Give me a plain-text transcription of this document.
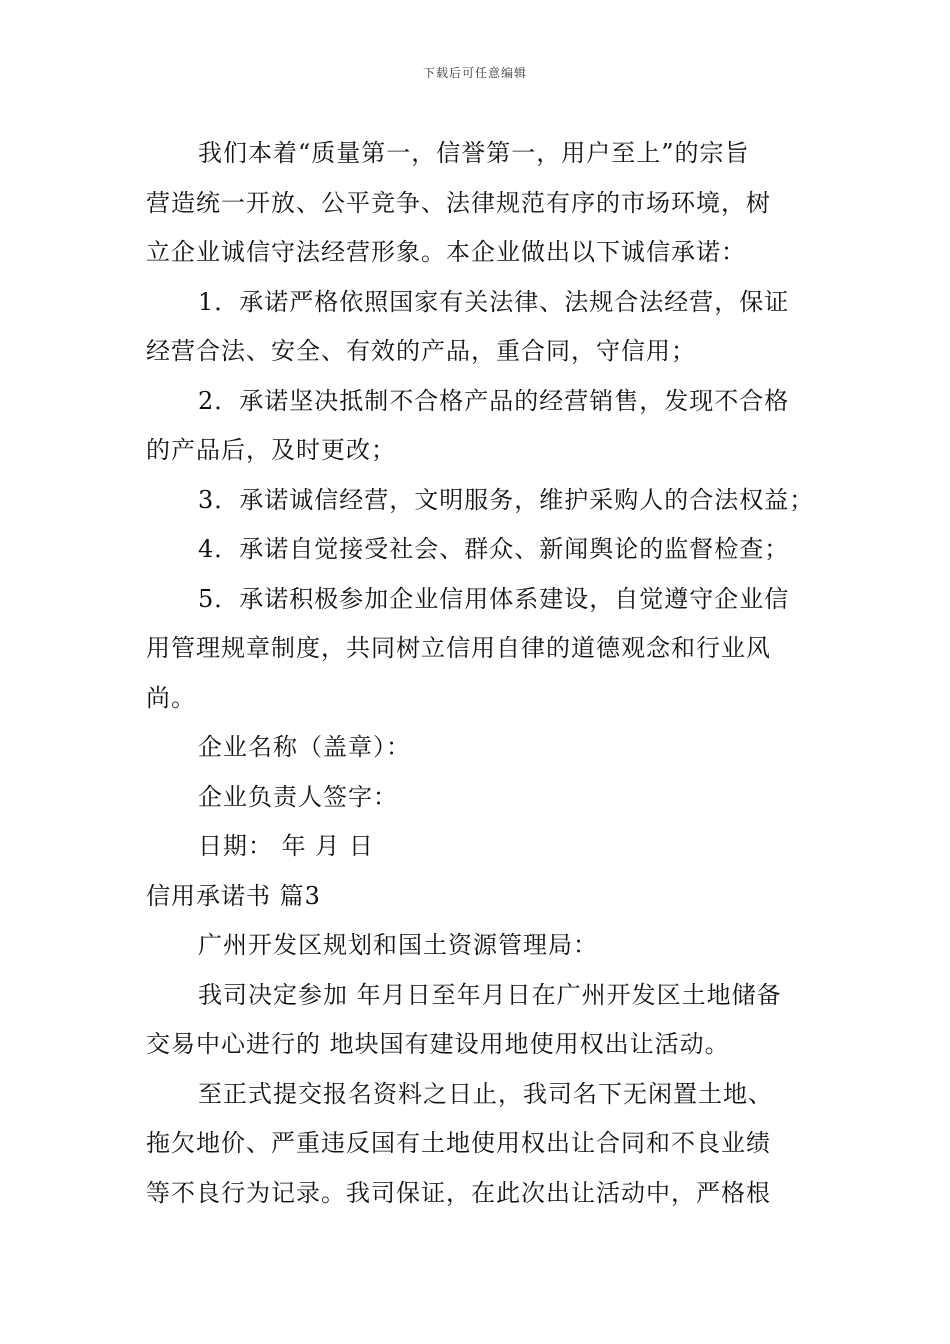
下载后可任意编辑

我们本着“质量第一，信誉第一，用户至上”的宗旨

营造统一开放、公平竞争、法律规范有序的市场环境，树

立企业诚信守法经营形象。本企业做出以下诚信承诺：

1．承诺严格依照国家有关法律、法规合法经营，保证

经营合法、安全、有效的产品，重合同，守信用；

2．承诺坚决抵制不合格产品的经营销售，发现不合格

的产品后，及时更改；

3．承诺诚信经营，文明服务，维护采购人的合法权益；

4．承诺自觉接受社会、群众、新闻舆论的监督检查；

5．承诺积极参加企业信用体系建设，自觉遵守企业信

用管理规章制度，共同树立信用自律的道德观念和行业风

尚。

企业名称（盖章）：

企业负责人签字：

日期： 年 月 日

信用承诺书 篇3

广州开发区规划和国土资源管理局：

我司决定参加 年月日至年月日在广州开发区土地储备

交易中心进行的 地块国有建设用地使用权出让活动。

至正式提交报名资料之日止，我司名下无闲置土地、

拖欠地价、严重违反国有土地使用权出让合同和不良业绩

等不良行为记录。我司保证，在此次出让活动中，严格根
